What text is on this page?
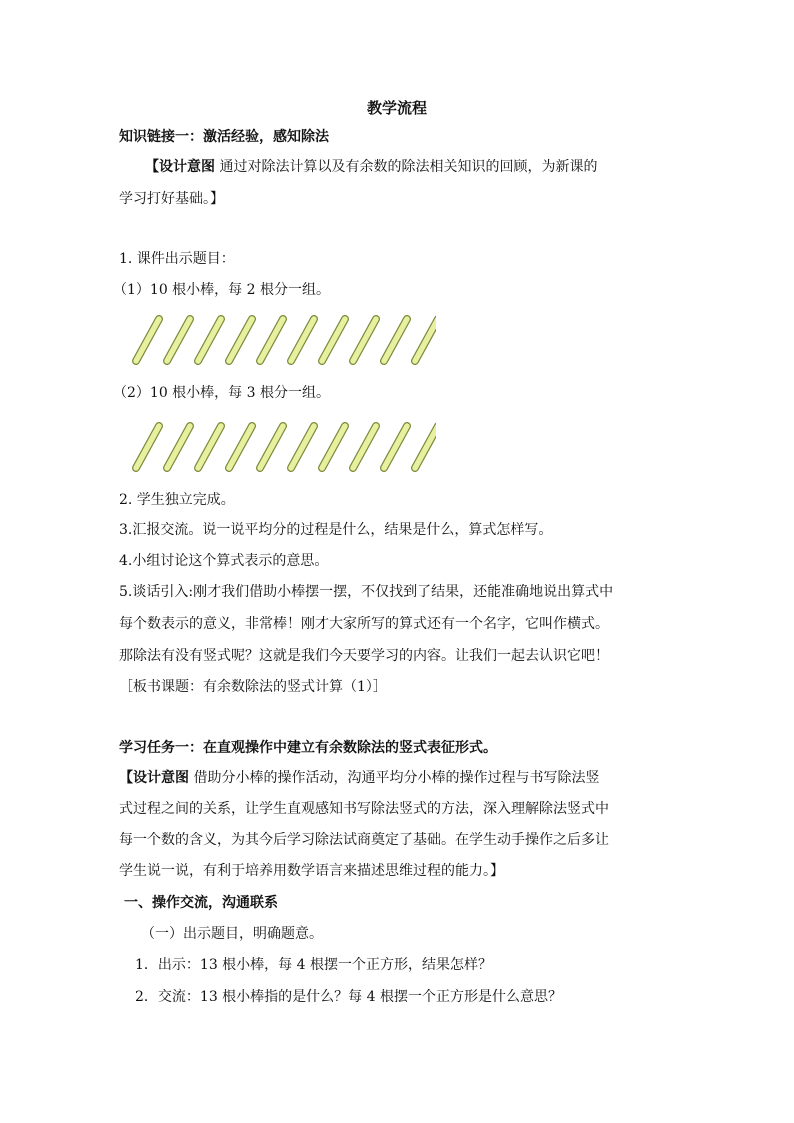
教学流程
知识链接一：激活经验，感知除法
【设计意图 通过对除法计算以及有余数的除法相关知识的回顾，为新课的
学习打好基础。】
1. 课件出示题目：
（1）10 根小棒，每 2 根分一组。
（2）10 根小棒，每 3 根分一组。
2. 学生独立完成。
3.汇报交流。说一说平均分的过程是什么，结果是什么，算式怎样写。
4.小组讨论这个算式表示的意思。
5.谈话引入:刚才我们借助小棒摆一摆，不仅找到了结果，还能准确地说出算式中
每个数表示的意义，非常棒！刚才大家所写的算式还有一个名字，它叫作横式。
那除法有没有竖式呢？这就是我们今天要学习的内容。让我们一起去认识它吧！
［板书课题：有余数除法的竖式计算（1）］
学习任务一：在直观操作中建立有余数除法的竖式表征形式。
【设计意图 借助分小棒的操作活动，沟通平均分小棒的操作过程与书写除法竖
式过程之间的关系，让学生直观感知书写除法竖式的方法，深入理解除法竖式中
每一个数的含义，为其今后学习除法试商奠定了基础。在学生动手操作之后多让
学生说一说，有利于培养用数学语言来描述思维过程的能力。】
一、操作交流，沟通联系
（一）出示题目，明确题意。
1．出示：13 根小棒，每 4 根摆一个正方形，结果怎样？
2．交流：13 根小棒指的是什么？每 4 根摆一个正方形是什么意思？
